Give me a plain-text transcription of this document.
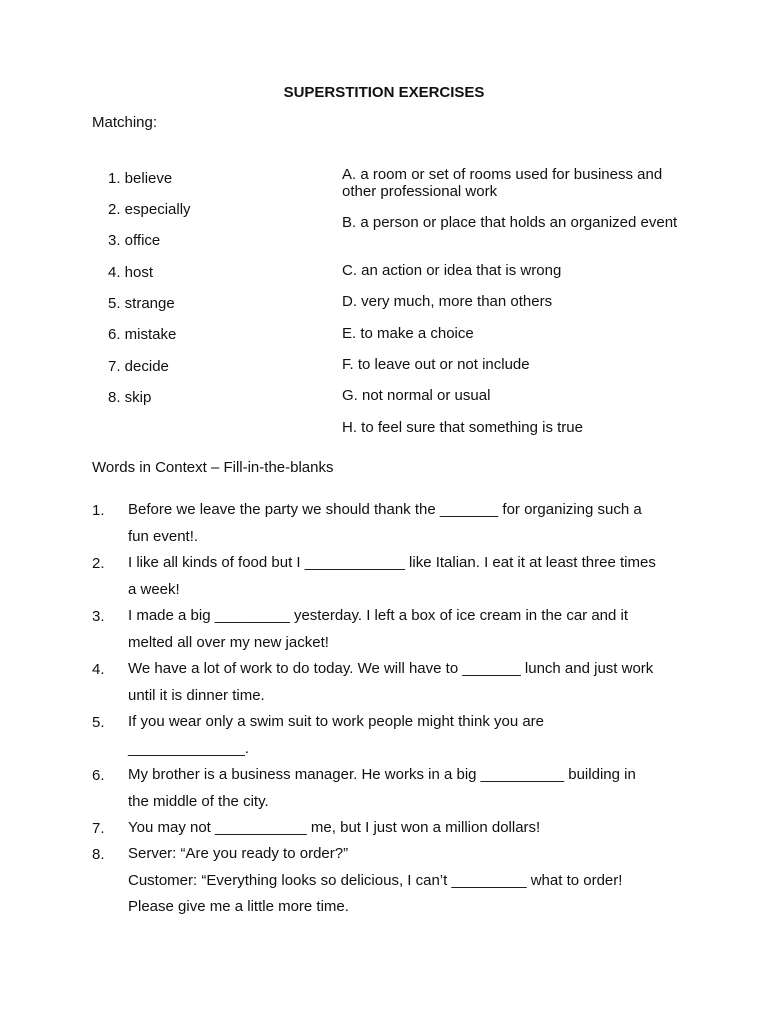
SUPERSTITION EXERCISES
Matching:
1. believe
2. especially
3. office
4. host
5. strange
6. mistake
7. decide
8. skip
A. a room or set of rooms used for business and other professional work
B. a person or place that holds an organized event
C. an action or idea that is wrong
D. very much, more than others
E. to make a choice
F. to leave out or not include
G. not normal or usual
H. to feel sure that something is true
Words in Context – Fill-in-the-blanks
1. Before we leave the party we should thank the _______ for organizing such a
fun event!.
2. I like all kinds of food but I ____________ like Italian. I eat it at least three times
a week!
3. I made a big _________ yesterday. I left a box of ice cream in the car and it
melted all over my new jacket!
4. We have a lot of work to do today. We will have to _______ lunch and just work
until it is dinner time.
5. If you wear only a swim suit to work people might think you are
______________.
6. My brother is a business manager. He works in a big __________ building in
the middle of the city.
7. You may not ___________ me, but I just won a million dollars!
8. Server: “Are you ready to order?”
Customer: “Everything looks so delicious, I can’t _________ what to order!
Please give me a little more time.
